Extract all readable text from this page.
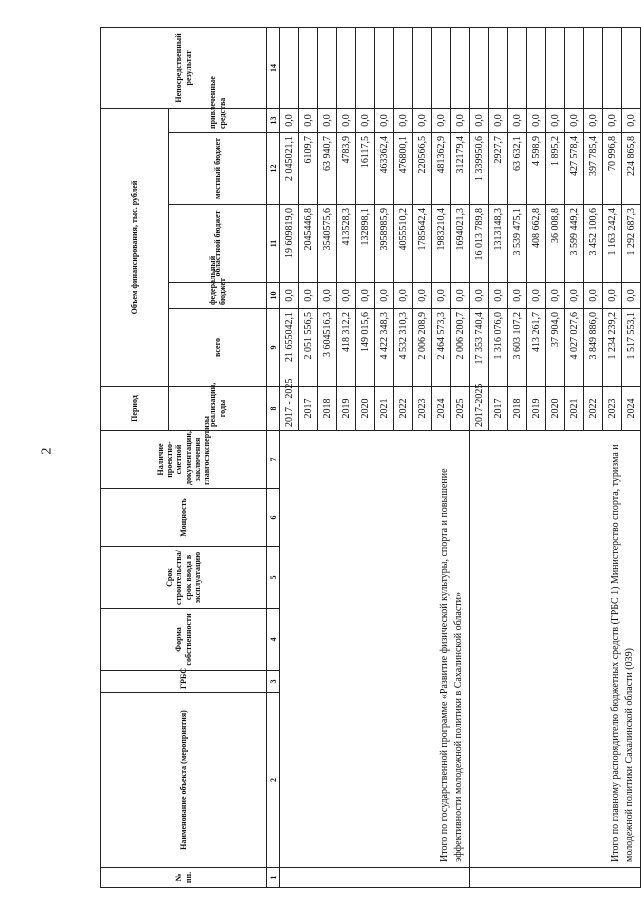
2
№ пп.	Наименование объекта (мероприятия)	ГРБС	Форма собственности	Срок строительства/срок ввода в эксплуатацию	Мощность	Наличие проектно-сметной документации, заключения главгосэкспертизы	Период	Объем финансирования, тыс. рублей					Непосредственный результат
							реализации, годы	всего	федеральный бюджет	областной бюджет	местный бюджет	привлеченные средства	
1	2	3	4	5	6	7	8	9	10	11	12	13	14
	Итого по государственной программе «Развитие физической культуры, спорта и повышение эффективности молодежной политики в Сахалинской области»						2017 - 2025	21 655042,1	0,0	19 609819,0	2 045021,1	0,0	
							2017	2 051 556,5	0,0	2045446,8	6109,7	0,0	
							2018	3 604516,3	0,0	3540575,6	63 940,7	0,0	
							2019	418 312,2	0,0	413528,3	4783,9	0,0	
							2020	149 015,6	0,0	132898,1	16117,5	0,0	
							2021	4 422 348,3	0,0	3958985,9	463362,4	0,0	
							2022	4 532 310,3	0,0	4055510,2	476800,1	0,0	
							2023	2 006 208,9	0,0	1785642,4	220566,5	0,0	
							2024	2 464 573,3	0,0	1983210,4	481362,9	0,0	
							2025	2 006 200,7	0,0	1694021,3	312179,4	0,0	
	Итого по главному распорядителю бюджетных средств (ГРБС 1) Министерство спорта, туризма и молодежной политики Сахалинской области (039)						2017-2025	17 353 740,4	0,0	16 013 789,8	1 339950,6	0,0	
							2017	1 316 076,0	0,0	1313148,3	2927,7	0,0	
							2018	3 603 107,2	0,0	3 539 475,1	63 632,1	0,0	
							2019	413 261,7	0,0	408 662,8	4 598,9	0,0	
							2020	37 904,0	0,0	36 008,8	1 895,2	0,0	
							2021	4 027 027,6	0,0	3 599 449,2	427 578,4	0,0	
							2022	3 849 886,0	0,0	3 452 100,6	397 785,4	0,0	
							2023	1 234 239,2	0,0	1 163 242,4	70 996,8	0,0	
							2024	1 517 553,1	0,0	1 292 687,3	224 865,8	0,0	
